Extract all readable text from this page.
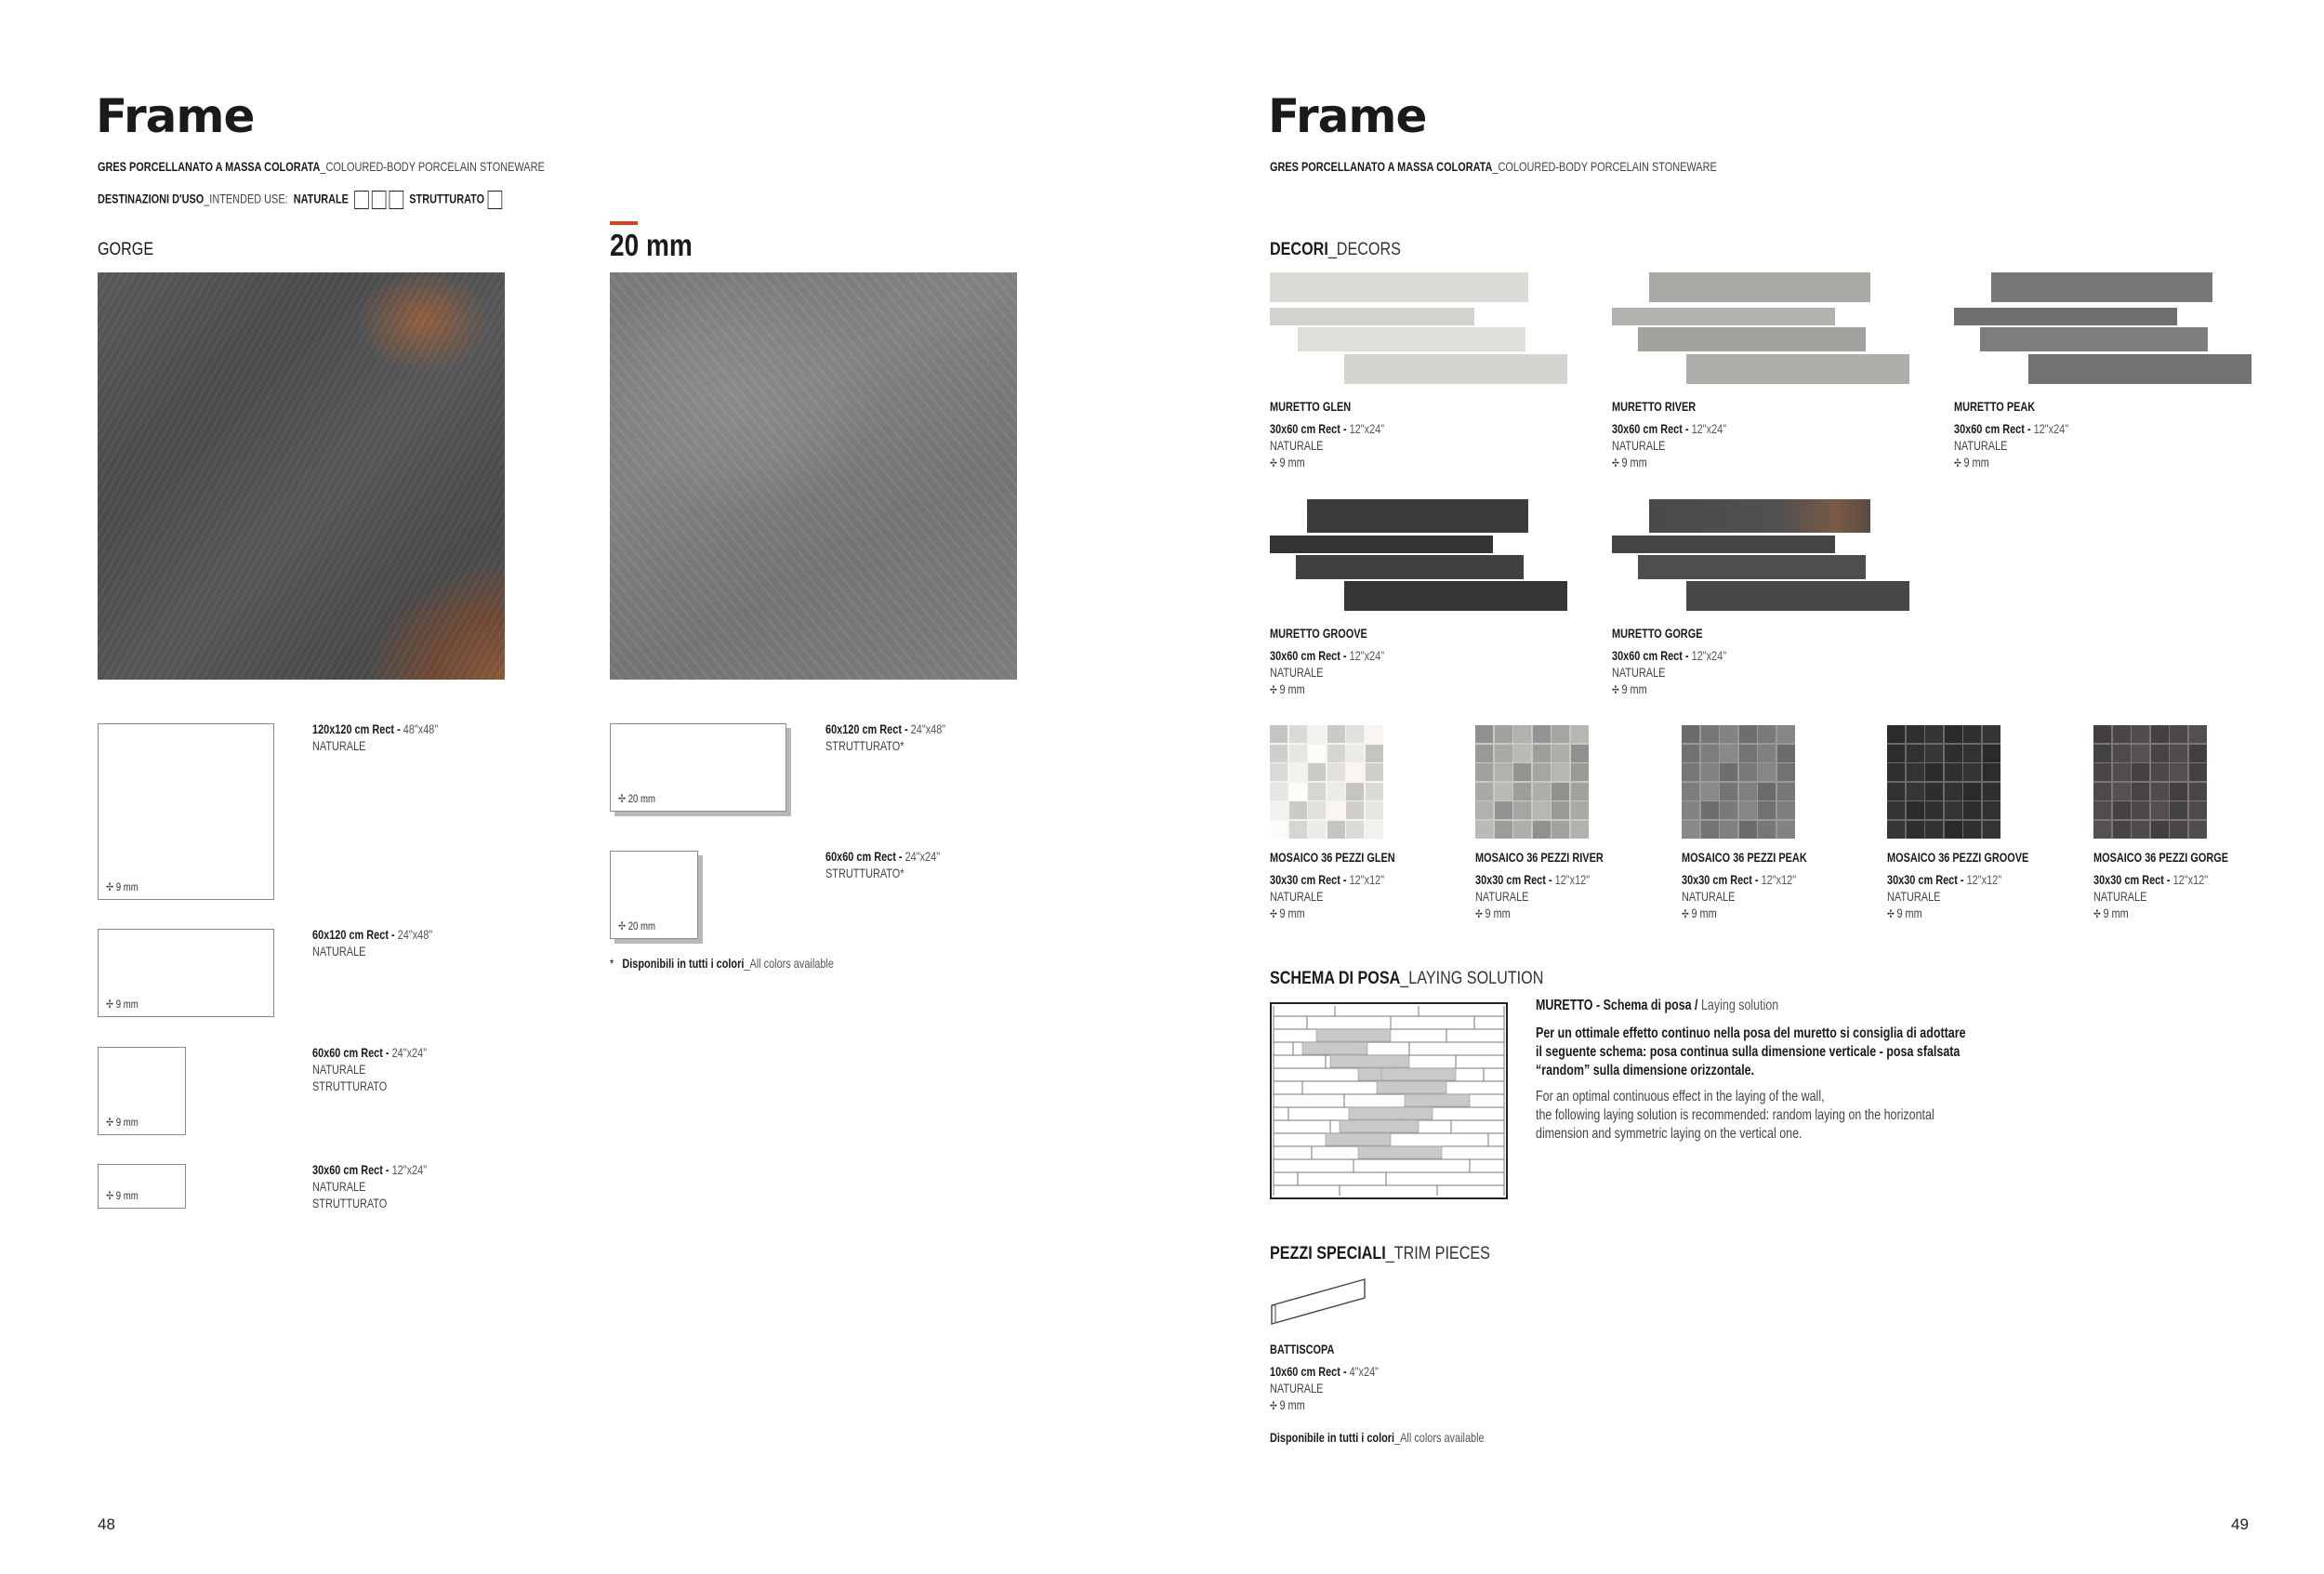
Frame
GRES PORCELLANATO A MASSA COLORATA_COLOURED-BODY PORCELAIN STONEWARE
DESTINAZIONI D'USO_INTENDED USE: NATURALE	STRUTTURATO
GORGE	20 mm
✢ 9 mm
120x120 cm Rect - 48"x48"
NATURALE
✢ 9 mm
60x120 cm Rect - 24"x48"
NATURALE
✢ 9 mm
60x60 cm Rect - 24"x24"
NATURALE
STRUTTURATO
✢ 9 mm
30x60 cm Rect - 12"x24"
NATURALE
STRUTTURATO
✢ 20 mm
60x120 cm Rect - 24"x48"
STRUTTURATO*
✢ 20 mm
60x60 cm Rect - 24"x24"
STRUTTURATO*
* Disponibili in tutti i colori_All colors available
48
Frame
GRES PORCELLANATO A MASSA COLORATA_COLOURED-BODY PORCELAIN STONEWARE
DECORI_DECORS
MURETTO GLEN

30x60 cm Rect - 12"x24"
NATURALE
✢ 9 mm
MURETTO RIVER

30x60 cm Rect - 12"x24"
NATURALE
✢ 9 mm
MURETTO PEAK

30x60 cm Rect - 12"x24"
NATURALE
✢ 9 mm
MURETTO GROOVE

30x60 cm Rect - 12"x24"
NATURALE
✢ 9 mm
MURETTO GORGE

30x60 cm Rect - 12"x24"
NATURALE
✢ 9 mm
MOSAICO 36 PEZZI GLEN

30x30 cm Rect - 12"x12"
NATURALE
✢ 9 mm
MOSAICO 36 PEZZI RIVER

30x30 cm Rect - 12"x12"
NATURALE
✢ 9 mm
MOSAICO 36 PEZZI PEAK

30x30 cm Rect - 12"x12"
NATURALE
✢ 9 mm
MOSAICO 36 PEZZI GROOVE

30x30 cm Rect - 12"x12"
NATURALE
✢ 9 mm
MOSAICO 36 PEZZI GORGE

30x30 cm Rect - 12"x12"
NATURALE
✢ 9 mm
SCHEMA DI POSA_LAYING SOLUTION
MURETTO - Schema di posa / Laying solution
Per un ottimale effetto continuo nella posa del muretto si consiglia di adottare
il seguente schema: posa continua sulla dimensione verticale - posa sfalsata
“random” sulla dimensione orizzontale.
For an optimal continuous effect in the laying of the wall,
the following laying solution is recommended: random laying on the horizontal
dimension and symmetric laying on the vertical one.
PEZZI SPECIALI_TRIM PIECES
BATTISCOPA

10x60 cm Rect - 4"x24"
NATURALE
✢ 9 mm
Disponibile in tutti i colori_All colors available
49
